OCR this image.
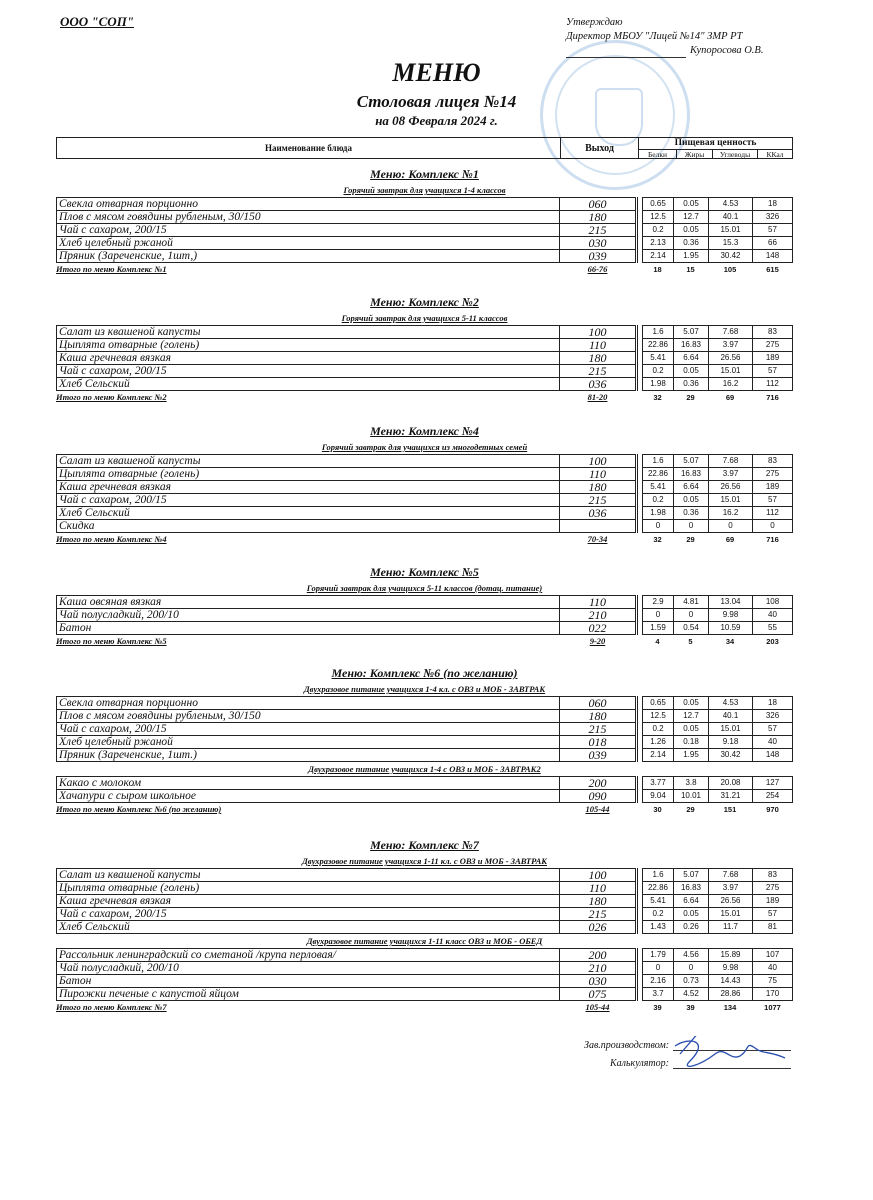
ООО "СОП"	Утверждаю
Директор МБОУ "Лицей №14" ЗМР РТ
Купоросова О.В.
МЕНЮ
Столовая лицея №14
на 08 Февраля 2024 г.
Наименование блюда	Выход	Пищевая ценность
Белки	Жиры	Углеводы	ККал
Меню: Комплекс №1
Горячий завтрак для учащихся 1-4 классов
Свекла отварная порционно	060		0.65	0.05	4.53	18
Плов с мясом говядины рубленым, 30/150	180		12.5	12.7	40.1	326
Чай с сахаром, 200/15	215		0.2	0.05	15.01	57
Хлеб целебный ржаной	030		2.13	0.36	15.3	66
Пряник (Зареченские, 1шт,)	039		2.14	1.95	30.42	148
Итого по меню Комплекс №1	66-76	18	15	105	615
Меню: Комплекс №2
Горячий завтрак для учащихся 5-11 классов
Салат из квашеной капусты	100		1.6	5.07	7.68	83
Цыплята отварные (голень)	110		22.86	16.83	3.97	275
Каша гречневая вязкая	180		5.41	6.64	26.56	189
Чай с сахаром, 200/15	215		0.2	0.05	15.01	57
Хлеб Сельский	036		1.98	0.36	16.2	112
Итого по меню Комплекс №2	81-20	32	29	69	716
Меню: Комплекс №4
Горячий завтрак для учащихся из многодетных семей
Салат из квашеной капусты	100		1.6	5.07	7.68	83
Цыплята отварные (голень)	110		22.86	16.83	3.97	275
Каша гречневая вязкая	180		5.41	6.64	26.56	189
Чай с сахаром, 200/15	215		0.2	0.05	15.01	57
Хлеб Сельский	036		1.98	0.36	16.2	112
Скидка			0	0	0	0
Итого по меню Комплекс №4	70-34	32	29	69	716
Меню: Комплекс №5
Горячий завтрак для учащихся 5-11 классов (дотац. питание)
Каша овсяная вязкая	110		2.9	4.81	13.04	108
Чай полусладкий, 200/10	210		0	0	9.98	40
Батон	022		1.59	0.54	10.59	55
Итого по меню Комплекс №5	9-20	4	5	34	203
Меню: Комплекс №6 (по желанию)
Двухразовое питание учащихся 1-4 кл. с ОВЗ и МОБ - ЗАВТРАК
Свекла отварная порционно	060		0.65	0.05	4.53	18
Плов с мясом говядины рубленым, 30/150	180		12.5	12.7	40.1	326
Чай с сахаром, 200/15	215		0.2	0.05	15.01	57
Хлеб целебный ржаной	018		1.26	0.18	9.18	40
Пряник (Зареченские, 1шт.)	039		2.14	1.95	30.42	148
Двухразовое питание учащихся 1-4 с ОВЗ и МОБ - ЗАВТРАК2
Какао с молоком	200		3.77	3.8	20.08	127
Хачапури с сыром школьное	090		9.04	10.01	31.21	254
Итого по меню Комплекс №6 (по желанию)	105-44	30	29	151	970
Меню: Комплекс №7
Двухразовое питание учащихся 1-11 кл. с ОВЗ и МОБ - ЗАВТРАК
Салат из квашеной капусты	100		1.6	5.07	7.68	83
Цыплята отварные (голень)	110		22.86	16.83	3.97	275
Каша гречневая вязкая	180		5.41	6.64	26.56	189
Чай с сахаром, 200/15	215		0.2	0.05	15.01	57
Хлеб Сельский	026		1.43	0.26	11.7	81
Двухразовое питание учащихся 1-11 класс ОВЗ и МОБ - ОБЕД
Рассольник ленинградский со сметаной /крупа перловая/	200		1.79	4.56	15.89	107
Чай полусладкий, 200/10	210		0	0	9.98	40
Батон	030		2.16	0.73	14.43	75
Пирожки печеные с капустой яйцом	075		3.7	4.52	28.86	170
Итого по меню Комплекс №7	105-44	39	39	134	1077
Зав.производством:
Калькулятор:
